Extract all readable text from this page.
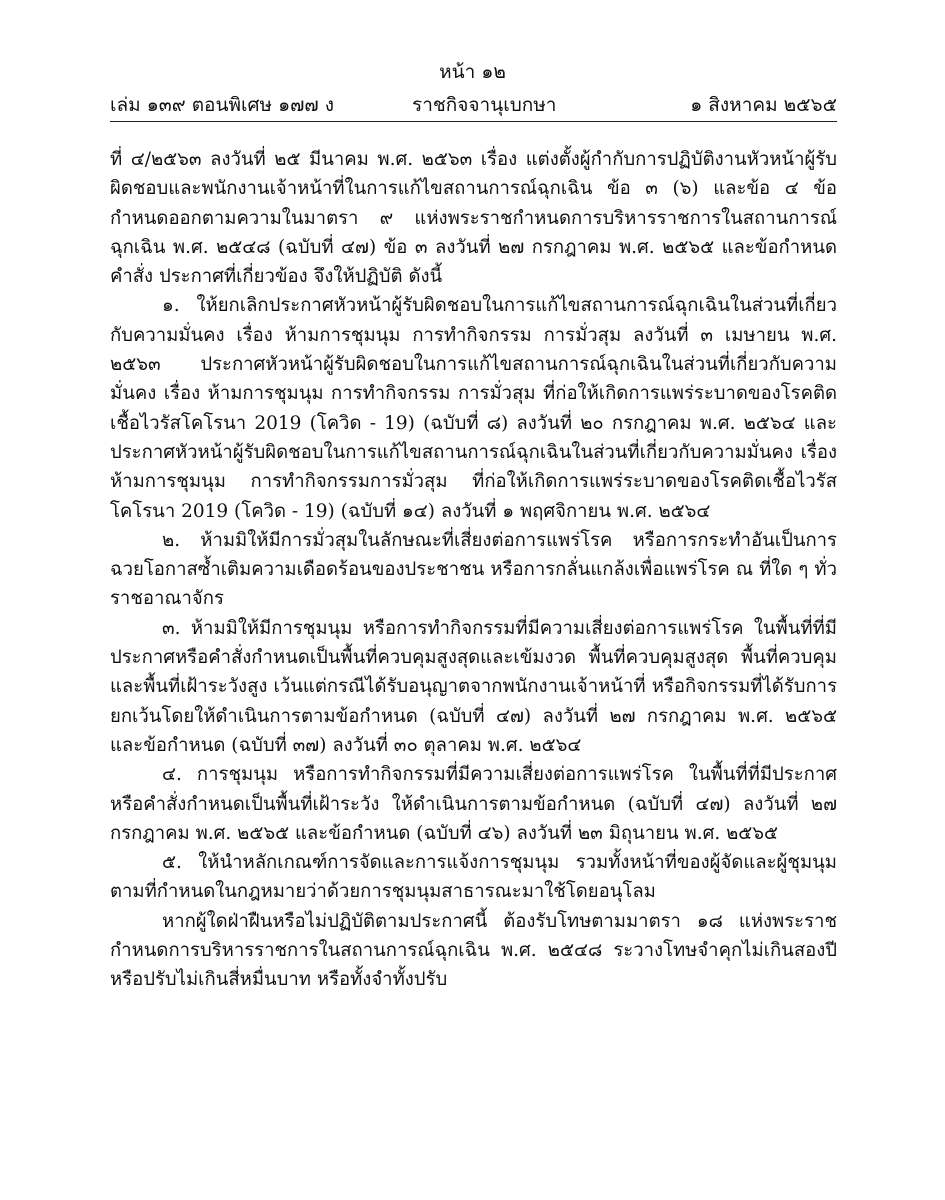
หน้า ๑๒
เล่ม ๑๓๙ ตอนพิเศษ ๑๗๗ ง	ราชกิจจานุเบกษา	๑ สิงหาคม ๒๕๖๕

ที่ ๔/๒๕๖๓ ลงวันที่ ๒๕ มีนาคม พ.ศ. ๒๕๖๓ เรื่อง แต่งตั้งผู้กำกับการปฏิบัติงานหัวหน้าผู้รับผิดชอบและพนักงานเจ้าหน้าที่ในการแก้ไขสถานการณ์ฉุกเฉิน ข้อ ๓ (๖) และข้อ ๔ ข้อกำหนดออกตามความในมาตรา ๙ แห่งพระราชกำหนดการบริหารราชการในสถานการณ์ฉุกเฉิน พ.ศ. ๒๕๔๘ (ฉบับที่ ๔๗) ข้อ ๓ ลงวันที่ ๒๗ กรกฎาคม พ.ศ. ๒๕๖๕ และข้อกำหนด คำสั่ง ประกาศที่เกี่ยวข้อง จึงให้ปฏิบัติ ดังนี้

๑. ให้ยกเลิกประกาศหัวหน้าผู้รับผิดชอบในการแก้ไขสถานการณ์ฉุกเฉินในส่วนที่เกี่ยวกับความมั่นคง เรื่อง ห้ามการชุมนุม การทำกิจกรรม การมั่วสุม ลงวันที่ ๓ เมษายน พ.ศ. ๒๕๖๓ ประกาศหัวหน้าผู้รับผิดชอบในการแก้ไขสถานการณ์ฉุกเฉินในส่วนที่เกี่ยวกับความมั่นคง เรื่อง ห้ามการชุมนุม การทำกิจกรรม การมั่วสุม ที่ก่อให้เกิดการแพร่ระบาดของโรคติดเชื้อไวรัสโคโรนา 2019 (โควิด - 19) (ฉบับที่ ๘) ลงวันที่ ๒๐ กรกฎาคม พ.ศ. ๒๕๖๔ และประกาศหัวหน้าผู้รับผิดชอบในการแก้ไขสถานการณ์ฉุกเฉินในส่วนที่เกี่ยวกับความมั่นคง เรื่อง ห้ามการชุมนุม การทำกิจกรรมการมั่วสุม ที่ก่อให้เกิดการแพร่ระบาดของโรคติดเชื้อไวรัสโคโรนา 2019 (โควิด - 19) (ฉบับที่ ๑๔) ลงวันที่ ๑ พฤศจิกายน พ.ศ. ๒๕๖๔

๒. ห้ามมิให้มีการมั่วสุมในลักษณะที่เสี่ยงต่อการแพร่โรค หรือการกระทำอันเป็นการฉวยโอกาสซ้ำเติมความเดือดร้อนของประชาชน หรือการกลั่นแกล้งเพื่อแพร่โรค ณ ที่ใด ๆ ทั่วราชอาณาจักร

๓. ห้ามมิให้มีการชุมนุม หรือการทำกิจกรรมที่มีความเสี่ยงต่อการแพร่โรค ในพื้นที่ที่มีประกาศหรือคำสั่งกำหนดเป็นพื้นที่ควบคุมสูงสุดและเข้มงวด พื้นที่ควบคุมสูงสุด พื้นที่ควบคุมและพื้นที่เฝ้าระวังสูง เว้นแต่กรณีได้รับอนุญาตจากพนักงานเจ้าหน้าที่ หรือกิจกรรมที่ได้รับการยกเว้นโดยให้ดำเนินการตามข้อกำหนด (ฉบับที่ ๔๗) ลงวันที่ ๒๗ กรกฎาคม พ.ศ. ๒๕๖๕ และข้อกำหนด (ฉบับที่ ๓๗) ลงวันที่ ๓๐ ตุลาคม พ.ศ. ๒๕๖๔

๔. การชุมนุม หรือการทำกิจกรรมที่มีความเสี่ยงต่อการแพร่โรค ในพื้นที่ที่มีประกาศหรือคำสั่งกำหนดเป็นพื้นที่เฝ้าระวัง ให้ดำเนินการตามข้อกำหนด (ฉบับที่ ๔๗) ลงวันที่ ๒๗ กรกฎาคม พ.ศ. ๒๕๖๕ และข้อกำหนด (ฉบับที่ ๔๖) ลงวันที่ ๒๓ มิถุนายน พ.ศ. ๒๕๖๕

๕. ให้นำหลักเกณฑ์การจัดและการแจ้งการชุมนุม รวมทั้งหน้าที่ของผู้จัดและผู้ชุมนุมตามที่กำหนดในกฎหมายว่าด้วยการชุมนุมสาธารณะมาใช้โดยอนุโลม

หากผู้ใดฝ่าฝืนหรือไม่ปฏิบัติตามประกาศนี้ ต้องรับโทษตามมาตรา ๑๘ แห่งพระราชกำหนดการบริหารราชการในสถานการณ์ฉุกเฉิน พ.ศ. ๒๕๔๘ ระวางโทษจำคุกไม่เกินสองปี หรือปรับไม่เกินสี่หมื่นบาท หรือทั้งจำทั้งปรับ
